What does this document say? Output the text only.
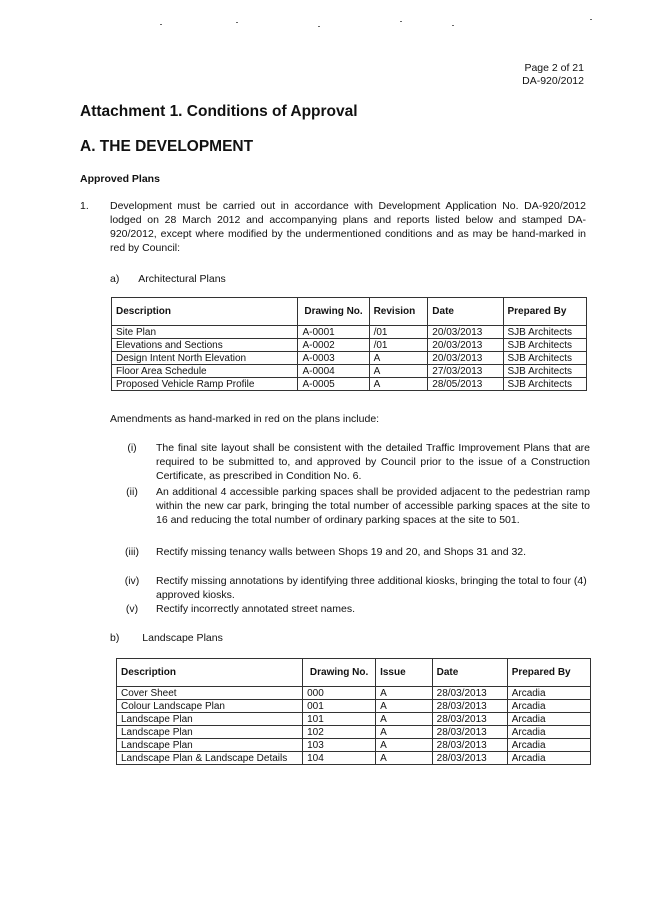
Page 2 of 21
DA-920/2012
Attachment 1. Conditions of Approval
A. THE DEVELOPMENT
Approved Plans
1. Development must be carried out in accordance with Development Application No. DA-920/2012 lodged on 28 March 2012 and accompanying plans and reports listed below and stamped DA-920/2012, except where modified by the undermentioned conditions and as may be hand-marked in red by Council:
a) Architectural Plans
Description	Drawing No.	Revision	Date	Prepared By
Site Plan	A-0001	/01	20/03/2013	SJB Architects
Elevations and Sections	A-0002	/01	20/03/2013	SJB Architects
Design Intent North Elevation	A-0003	A	20/03/2013	SJB Architects
Floor Area Schedule	A-0004	A	27/03/2013	SJB Architects
Proposed Vehicle Ramp Profile	A-0005	A	28/05/2013	SJB Architects
Amendments as hand-marked in red on the plans include:
(i)	The final site layout shall be consistent with the detailed Traffic Improvement Plans that are required to be submitted to, and approved by Council prior to the issue of a Construction Certificate, as prescribed in Condition No. 6.
(ii)	An additional 4 accessible parking spaces shall be provided adjacent to the pedestrian ramp within the new car park, bringing the total number of accessible parking spaces at the site to 16 and reducing the total number of ordinary parking spaces at the site to 501.
(iii)	Rectify missing tenancy walls between Shops 19 and 20, and Shops 31 and 32.
(iv)	Rectify missing annotations by identifying three additional kiosks, bringing the total to four (4) approved kiosks.
(v)	Rectify incorrectly annotated street names.
b) Landscape Plans
Description	Drawing No.	Issue	Date	Prepared By
Cover Sheet	000	A	28/03/2013	Arcadia
Colour Landscape Plan	001	A	28/03/2013	Arcadia
Landscape Plan	101	A	28/03/2013	Arcadia
Landscape Plan	102	A	28/03/2013	Arcadia
Landscape Plan	103	A	28/03/2013	Arcadia
Landscape Plan & Landscape Details	104	A	28/03/2013	Arcadia
